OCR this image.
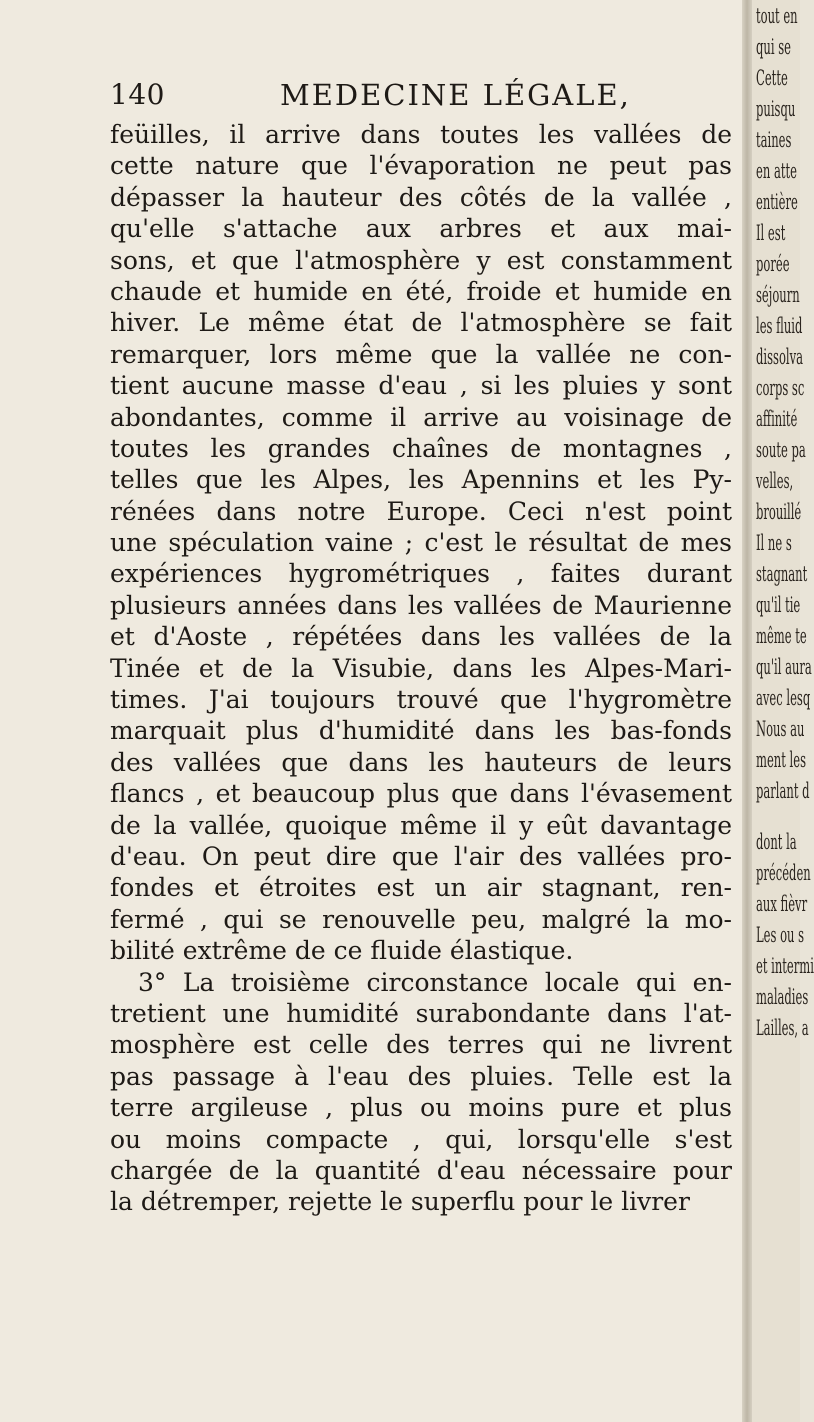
140	MEDECINE LÉGALE,
feüilles, il arrive dans toutes les vallées de
cette nature que l'évaporation ne peut pas
dépasser la hauteur des côtés de la vallée ,
qu'elle s'attache aux arbres et aux mai-
sons, et que l'atmosphère y est constamment
chaude et humide en été, froide et humide en
hiver. Le même état de l'atmosphère se fait
remarquer, lors même que la vallée ne con-
tient aucune masse d'eau , si les pluies y sont
abondantes, comme il arrive au voisinage de
toutes les grandes chaînes de montagnes ,
telles que les Alpes, les Apennins et les Py-
rénées dans notre Europe. Ceci n'est point
une spéculation vaine ; c'est le résultat de mes
expériences hygrométriques , faites durant
plusieurs années dans les vallées de Maurienne
et d'Aoste , répétées dans les vallées de la
Tinée et de la Visubie, dans les Alpes-Mari-
times. J'ai toujours trouvé que l'hygromètre
marquait plus d'humidité dans les bas-fonds
des vallées que dans les hauteurs de leurs
flancs , et beaucoup plus que dans l'évasement
de la vallée, quoique même il y eût davantage
d'eau. On peut dire que l'air des vallées pro-
fondes et étroites est un air stagnant, ren-
fermé , qui se renouvelle peu, malgré la mo-
bilité extrême de ce fluide élastique.
3° La troisième circonstance locale qui en-
tretient une humidité surabondante dans l'at-
mosphère est celle des terres qui ne livrent
pas passage à l'eau des pluies. Telle est la
terre argileuse , plus ou moins pure et plus
ou moins compacte , qui, lorsqu'elle s'est
chargée de la quantité d'eau nécessaire pour
la détremper, rejette le superflu pour le livrer
tout en
qui se
Cette
puisqu
taines
en atte
entière
Il est
porée
séjourn
les fluid
dissolva
corps sc
affinité
soute pa
velles,
brouillé
Il ne s
stagnant
qu'il tie
même te
qu'il aura
avec lesq
Nous au
ment les
parlant d
dont la
précéden
aux fièvr
Les ou s
et intermi
maladies
Lailles, a
